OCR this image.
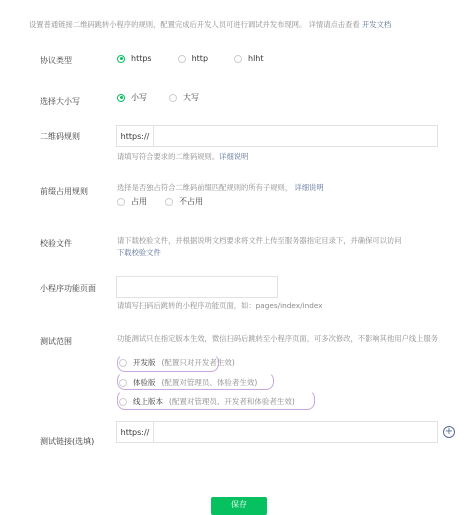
设置普通链接二维码跳转小程序的规则，配置完成后开发人员可进行调试并发布现网。 详情请点击查看 开发文档
协议类型	https	http	hlht
选择大小写	小写	大写
二维码规则	https://
请填写符合要求的二维码规则。详细说明
前缀占用规则	选择是否独占符合二维码前缀匹配规则的所有子规则， 详细说明
占用	不占用
校验文件	请下载校验文件，并根据说明文档要求将文件上传至服务器指定目录下，并确保可以访问
下载校验文件
小程序功能页面
请填写扫码后跳转的小程序功能页面，如：pages/index/index
测试范围	功能测试只在指定版本生效，微信扫码后跳转至小程序页面，可多次修改，不影响其他用户线上服务
开发版 (配置只对开发者生效)
体验版 (配置对管理员、体验者生效)
线上版本 (配置对管理员、开发者和体验者生效)
测试链接(选填)
https://	+
保存
